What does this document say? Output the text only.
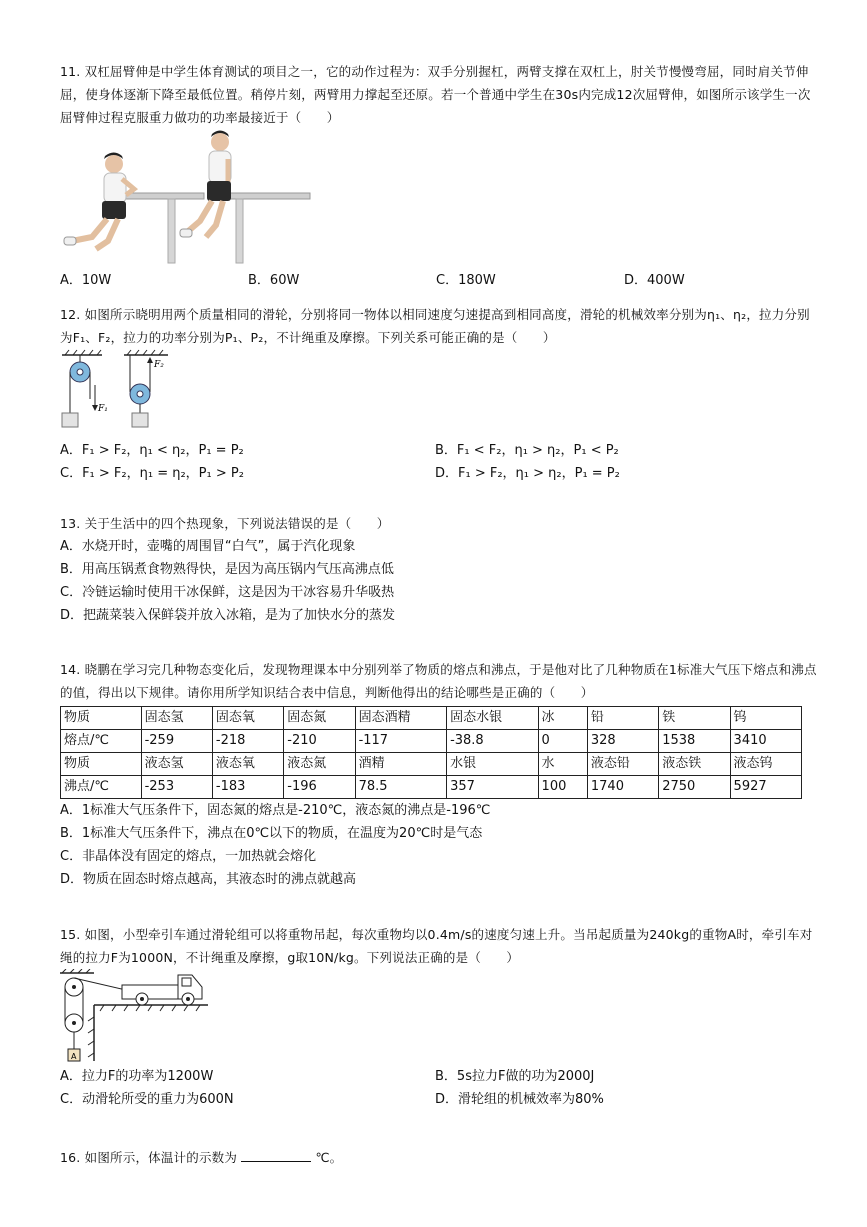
11. 双杠屈臂伸是中学生体育测试的项目之一，它的动作过程为：双手分别握杠，两臂支撑在双杠上，肘关节慢慢弯屈，同时肩关节伸屈，使身体逐渐下降至最低位置。稍停片刻，两臂用力撑起至还原。若一个普通中学生在30s内完成12次屈臂伸，如图所示该学生一次屈臂伸过程克服重力做功的功率最接近于（　　）

A．10W	B．60W	C．180W	D．400W

12. 如图所示晓明用两个质量相同的滑轮，分别将同一物体以相同速度匀速提高到相同高度，滑轮的机械效率分别为η₁、η₂，拉力分别为F₁、F₂，拉力的功率分别为P₁、P₂，不计绳重及摩擦。下列关系可能正确的是（　　）

F₁
F₂
A．F₁ > F₂，η₁ < η₂，P₁ = P₂	B．F₁ < F₂，η₁ > η₂，P₁ < P₂
C．F₁ > F₂，η₁ = η₂，P₁ > P₂	D．F₁ > F₂，η₁ > η₂，P₁ = P₂

13. 关于生活中的四个热现象，下列说法错误的是（　　）

A．水烧开时，壶嘴的周围冒“白气”，属于汽化现象
B．用高压锅煮食物熟得快，是因为高压锅内气压高沸点低
C．冷链运输时使用干冰保鲜，这是因为干冰容易升华吸热
D．把蔬菜装入保鲜袋并放入冰箱，是为了加快水分的蒸发

14. 晓鹏在学习完几种物态变化后，发现物理课本中分别列举了物质的熔点和沸点，于是他对比了几种物质在1标准大气压下熔点和沸点的值，得出以下规律。请你用所学知识结合表中信息，判断他得出的结论哪些是正确的（　　）

物质	固态氢	固态氧	固态氮	固态酒精	固态水银	冰	铅	铁	钨
熔点/℃	-259	-218	-210	-117	-38.8	0	328	1538	3410
物质	液态氢	液态氧	液态氮	酒精	水银	水	液态铅	液态铁	液态钨
沸点/℃	-253	-183	-196	78.5	357	100	1740	2750	5927
A．1标准大气压条件下，固态氮的熔点是-210℃，液态氮的沸点是-196℃
B．1标准大气压条件下，沸点在0℃以下的物质，在温度为20℃时是气态
C．非晶体没有固定的熔点，一加热就会熔化
D．物质在固态时熔点越高，其液态时的沸点就越高

15. 如图，小型牵引车通过滑轮组可以将重物吊起，每次重物均以0.4m/s的速度匀速上升。当吊起质量为240kg的重物A时，牵引车对绳的拉力F为1000N，不计绳重及摩擦，g取10N/kg。下列说法正确的是（　　）

A
A．拉力F的功率为1200W	B．5s拉力F做的功为2000J
C．动滑轮所受的重力为600N	D．滑轮组的机械效率为80%

16. 如图所示，体温计的示数为	℃。
